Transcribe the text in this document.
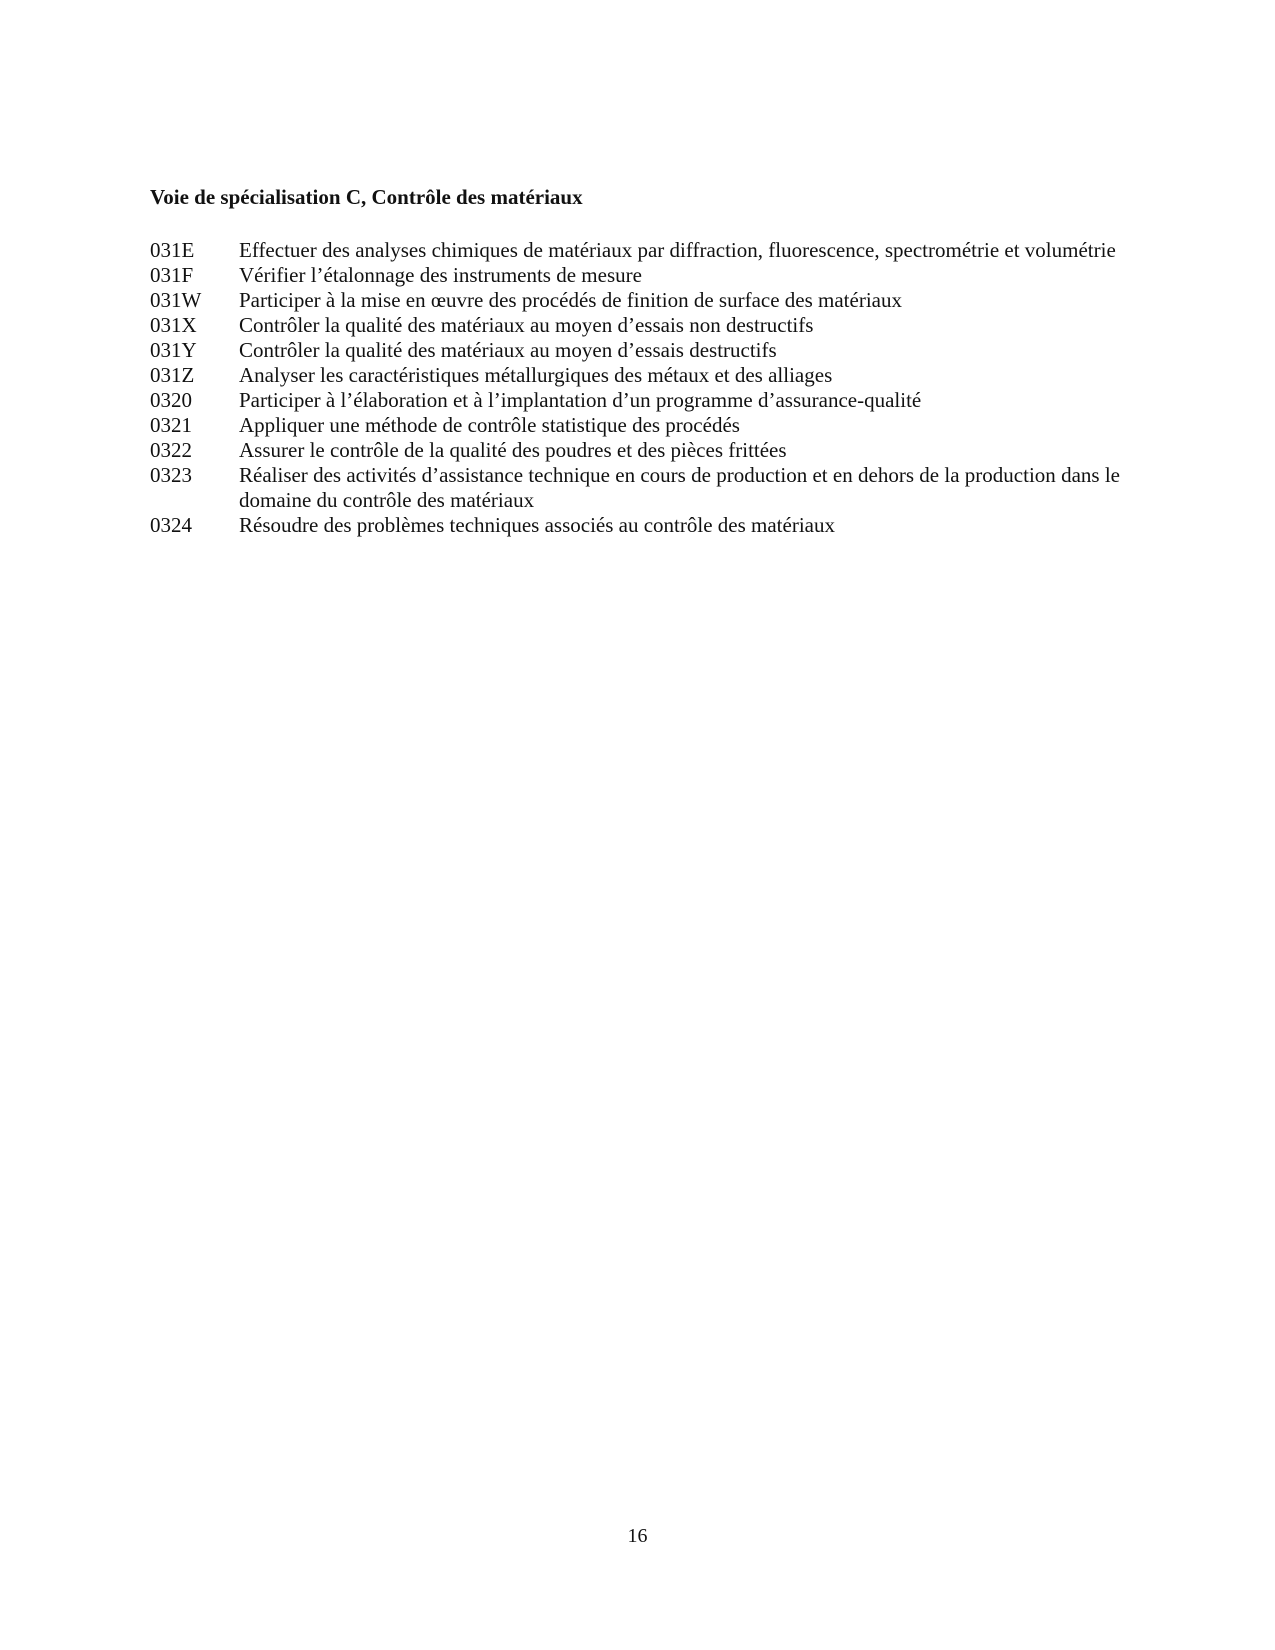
Voie de spécialisation C, Contrôle des matériaux
031E	Effectuer des analyses chimiques de matériaux par diffraction, fluorescence, spectrométrie et volumétrie
031F	Vérifier l’étalonnage des instruments de mesure
031W	Participer à la mise en œuvre des procédés de finition de surface des matériaux
031X	Contrôler la qualité des matériaux au moyen d’essais non destructifs
031Y	Contrôler la qualité des matériaux au moyen d’essais destructifs
031Z	Analyser les caractéristiques métallurgiques des métaux et des alliages
0320	Participer à l’élaboration et à l’implantation d’un programme d’assurance-qualité
0321	Appliquer une méthode de contrôle statistique des procédés
0322	Assurer le contrôle de la qualité des poudres et des pièces frittées
0323	Réaliser des activités d’assistance technique en cours de production et en dehors de la production dans le domaine du contrôle des matériaux
0324	Résoudre des problèmes techniques associés au contrôle des matériaux
16
